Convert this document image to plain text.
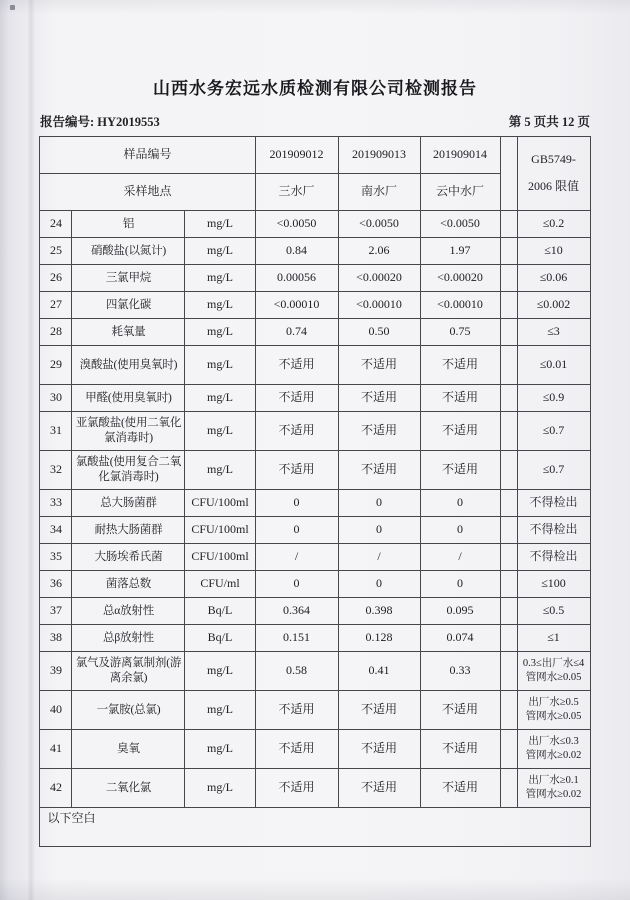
山西水务宏远水质检测有限公司检测报告
报告编号: HY2019553	第 5 页共 12 页
样品编号			201909012	201909013	201909014		GB5749-
2006 限值

采样地点			三水厂	南水厂	云中水厂		
24	铝	mg/L	<0.0050	<0.0050	<0.0050		≤0.2
25	硝酸盐(以氮计)	mg/L	0.84	2.06	1.97		≤10
26	三氯甲烷	mg/L	0.00056	<0.00020	<0.00020		≤0.06
27	四氯化碳	mg/L	<0.00010	<0.00010	<0.00010		≤0.002
28	耗氧量	mg/L	0.74	0.50	0.75		≤3
29	溴酸盐(使用臭氧时)	mg/L	不适用	不适用	不适用		≤0.01
30	甲醛(使用臭氧时)	mg/L	不适用	不适用	不适用		≤0.9
31	亚氯酸盐(使用二氧化氯消毒时)	mg/L	不适用	不适用	不适用		≤0.7
32	氯酸盐(使用复合二氧化氯消毒时)	mg/L	不适用	不适用	不适用		≤0.7
33	总大肠菌群	CFU/100ml	0	0	0		不得检出
34	耐热大肠菌群	CFU/100ml	0	0	0		不得检出
35	大肠埃希氏菌	CFU/100ml	/	/	/		不得检出
36	菌落总数	CFU/ml	0	0	0		≤100
37	总α放射性	Bq/L	0.364	0.398	0.095		≤0.5
38	总β放射性	Bq/L	0.151	0.128	0.074		≤1
39	氯气及游离氯制剂(游离余氯)	mg/L	0.58	0.41	0.33		0.3≤出厂水≤4
管网水≥0.05

40	一氯胺(总氯)	mg/L	不适用	不适用	不适用		出厂水≥0.5
管网水≥0.05

41	臭氧	mg/L	不适用	不适用	不适用		出厂水≤0.3
管网水≥0.02

42	二氧化氯	mg/L	不适用	不适用	不适用		出厂水≥0.1
管网水≥0.02

以下空白							
